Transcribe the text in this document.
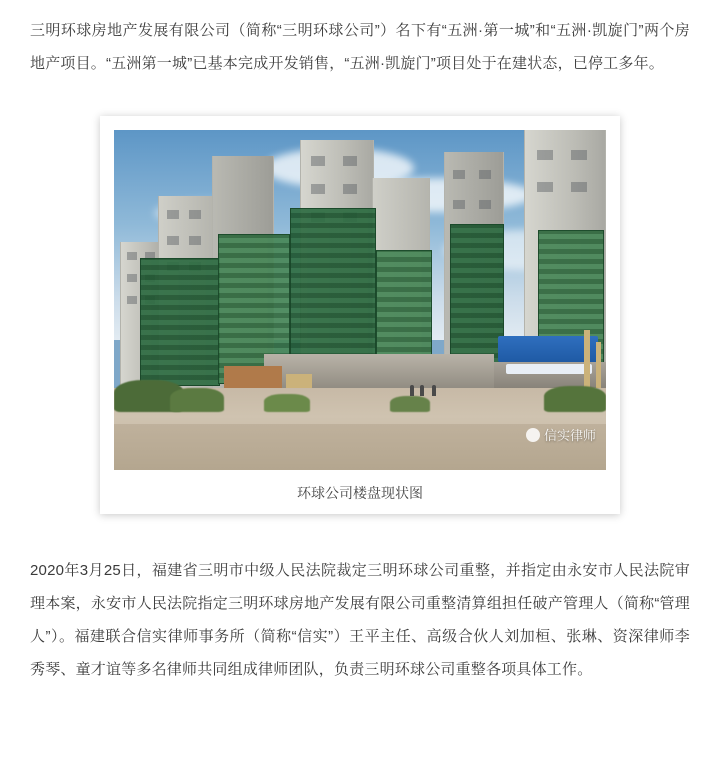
三明环球房地产发展有限公司（简称“三明环球公司”）名下有“五洲·第一城”和“五洲·凯旋门”两个房地产项目。“五洲第一城”已基本完成开发销售，“五洲·凯旋门”项目处于在建状态，已停工多年。

信实律师
环球公司楼盘现状图

2020年3月25日，福建省三明市中级人民法院裁定三明环球公司重整，并指定由永安市人民法院审理本案，永安市人民法院指定三明环球房地产发展有限公司重整清算组担任破产管理人（简称“管理人”）。福建联合信实律师事务所（简称“信实”）王平主任、高级合伙人刘加桓、张琳、资深律师李秀琴、童才谊等多名律师共同组成律师团队，负责三明环球公司重整各项具体工作。
